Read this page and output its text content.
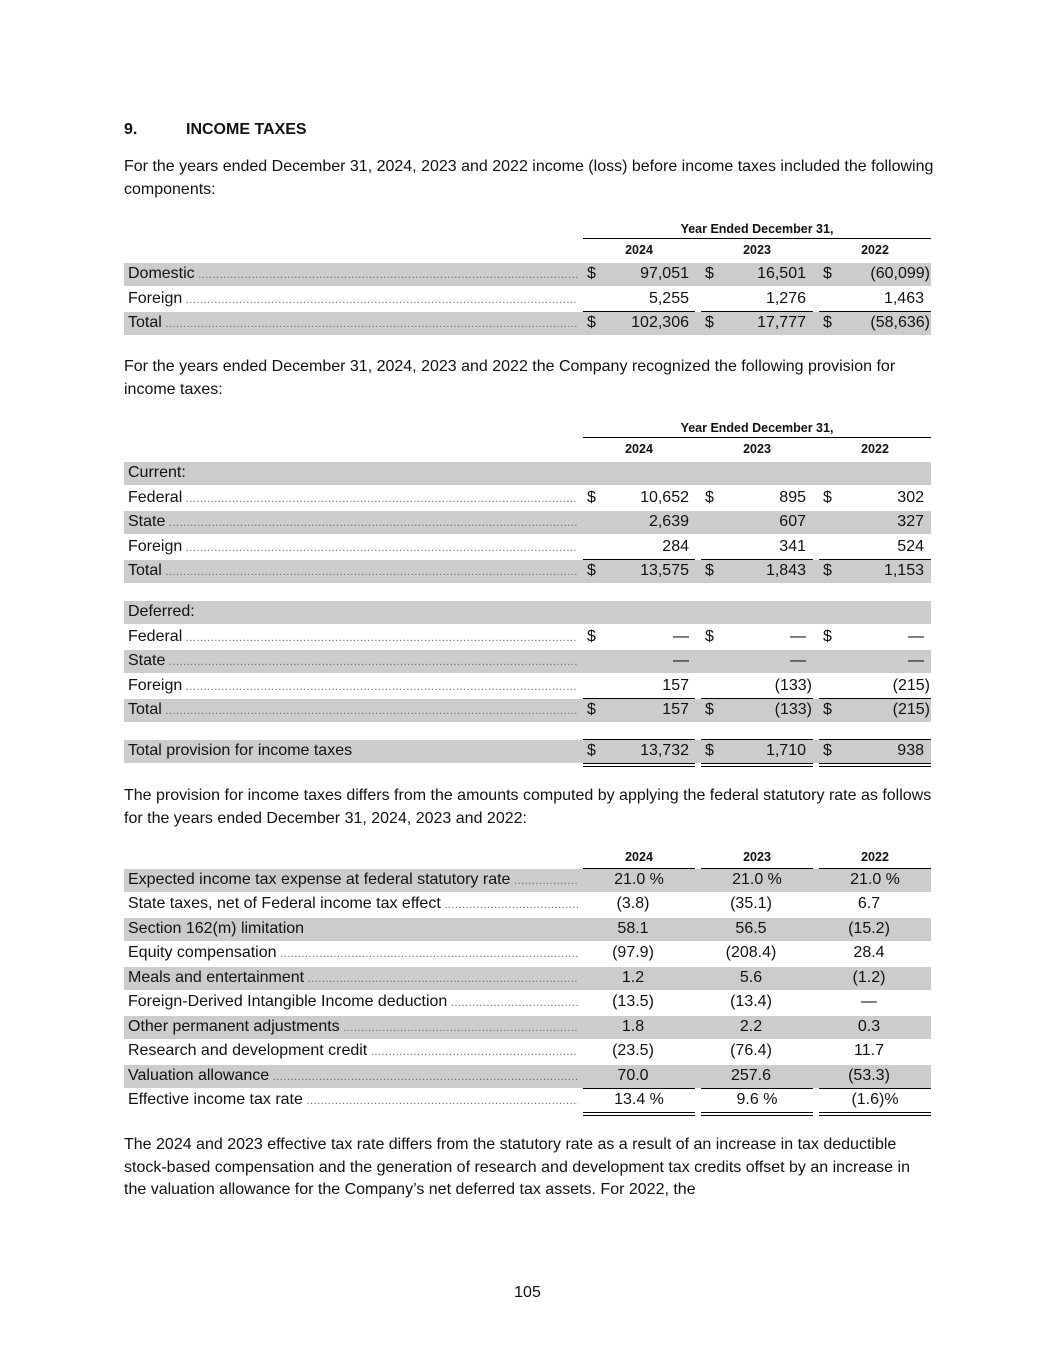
9.	INCOME TAXES
For the years ended December 31, 2024, 2023 and 2022 income (loss) before income taxes included the following components:
Year Ended December 31,
2024	2023	2022
Domestic .....	$	97,051 $	16,501 $	(60,099)
Foreign .....	5,255	1,276	1,463
Total .....	$	102,306 $	17,777 $	(58,636)
For the years ended December 31, 2024, 2023 and 2022 the Company recognized the following provision for income taxes:
Year Ended December 31,
2024	2023	2022
Current:
Federal .....	$	10,652 $	895 $	302
State .....	2,639	607	327
Foreign .....	284	341	524
Total .....	$	13,575 $	1,843 $	1,153
Deferred:
Federal .....	$	— $	— $	—
State .....	—	—	—
Foreign .....	157	(133)	(215)
Total .....	$	157 $	(133) $	(215)
Total provision for income taxes	$	13,732 $	1,710 $	938
The provision for income taxes differs from the amounts computed by applying the federal statutory rate as follows for the years ended December 31, 2024, 2023 and 2022:
2024	2023	2022
Expected income tax expense at federal statutory rate .....	21.0 %	21.0 %	21.0 %
State taxes, net of Federal income tax effect .....	(3.8)	(35.1)	6.7
Section 162(m) limitation	58.1	56.5	(15.2)
Equity compensation .....	(97.9)	(208.4)	28.4
Meals and entertainment .....	1.2	5.6	(1.2)
Foreign-Derived Intangible Income deduction .....	(13.5)	(13.4)	—
Other permanent adjustments .....	1.8	2.2	0.3
Research and development credit .....	(23.5)	(76.4)	11.7
Valuation allowance .....	70.0	257.6	(53.3)
Effective income tax rate .....	13.4 %	9.6 %	(1.6)%
The 2024 and 2023 effective tax rate differs from the statutory rate as a result of an increase in tax deductible stock-based compensation and the generation of research and development tax credits offset by an increase in the valuation allowance for the Company’s net deferred tax assets. For 2022, the
105
